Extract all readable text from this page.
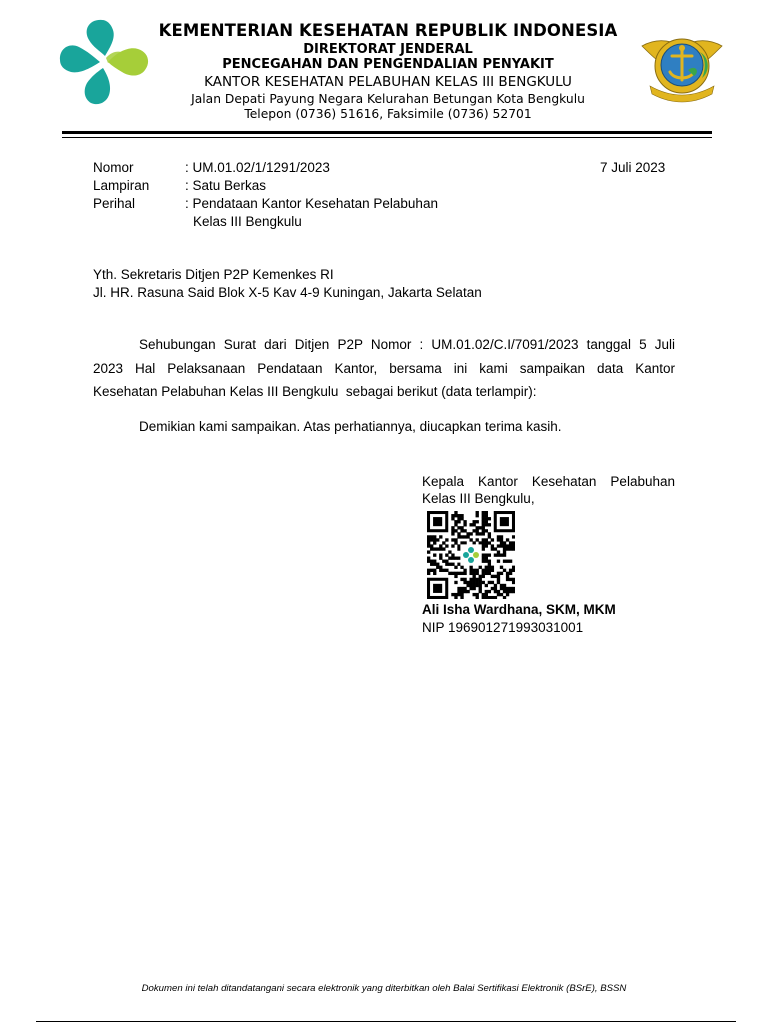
KEMENTERIAN KESEHATAN REPUBLIK INDONESIA
DIREKTORAT JENDERAL
PENCEGAHAN DAN PENGENDALIAN PENYAKIT
KANTOR KESEHATAN PELABUHAN KELAS III BENGKULU
Jalan Depati Payung Negara Kelurahan Betungan Kota Bengkulu
Telepon (0736) 51616, Faksimile (0736) 52701
Nomor	: UM.01.02/1/1291/2023	7 Juli 2023
Lampiran	: Satu Berkas
Perihal	: Pendataan Kantor Kesehatan Pelabuhan
Kelas III Bengkulu
Yth. Sekretaris Ditjen P2P Kemenkes RI
Jl. HR. Rasuna Said Blok X-5 Kav 4-9 Kuningan, Jakarta Selatan
Sehubungan Surat dari Ditjen P2P Nomor : UM.01.02/C.I/7091/2023 tanggal 5 Juli
2023 Hal Pelaksanaan Pendataan Kantor, bersama ini kami sampaikan data Kantor
Kesehatan Pelabuhan Kelas III Bengkulu  sebagai berikut (data terlampir):
Demikian kami sampaikan. Atas perhatiannya, diucapkan terima kasih.
Kepala Kantor Kesehatan Pelabuhan
Kelas III Bengkulu,
Ali Isha Wardhana, SKM, MKM
NIP 196901271993031001
Dokumen ini telah ditandatangani secara elektronik yang diterbitkan oleh Balai Sertifikasi Elektronik (BSrE), BSSN
